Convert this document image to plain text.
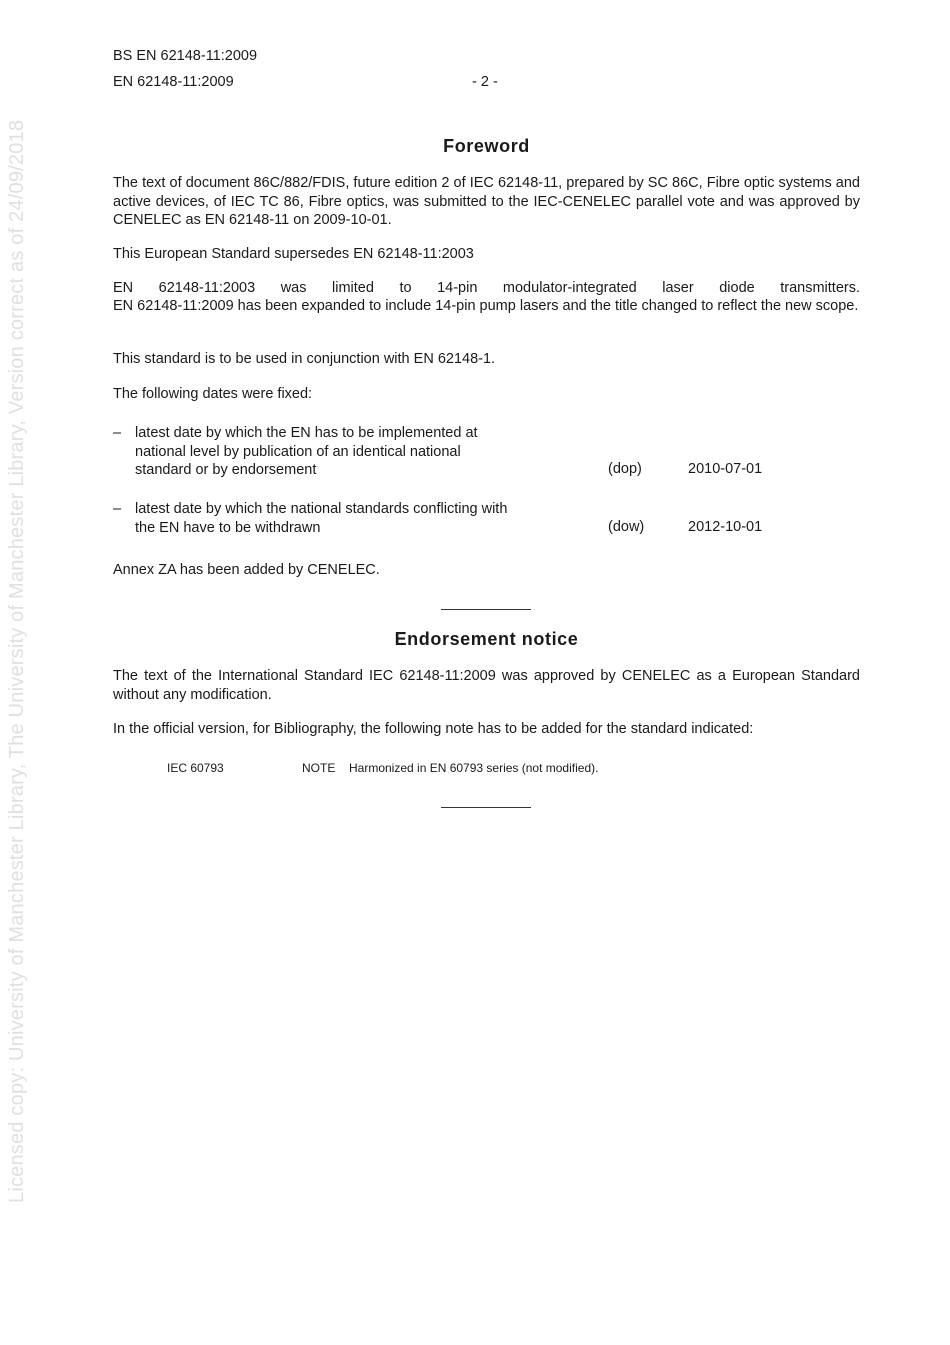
Licensed copy: University of Manchester Library, The University of Manchester Library, Version correct as of 24/09/2018
BS EN 62148-11:2009
EN 62148-11:2009	- 2 -
Foreword
The text of document 86C/882/FDIS, future edition 2 of IEC 62148-11, prepared by SC 86C, Fibre optic systems and active devices, of IEC TC 86, Fibre optics, was submitted to the IEC-CENELEC parallel vote and was approved by CENELEC as EN 62148-11 on 2009-10-01.
This European Standard supersedes EN 62148-11:2003
EN 62148-11:2003 was limited to 14-pin modulator-integrated laser diode transmitters.
EN 62148-11:2009 has been expanded to include 14-pin pump lasers and the title changed to reflect the new scope.
This standard is to be used in conjunction with EN 62148-1.
The following dates were fixed:
– latest date by which the EN has to be implemented at national level by publication of an identical national standard or by endorsement	(dop)	2010-07-01
– latest date by which the national standards conflicting with the EN have to be withdrawn	(dow)	2012-10-01
Annex ZA has been added by CENELEC.
Endorsement notice
The text of the International Standard IEC 62148-11:2009 was approved by CENELEC as a European Standard without any modification.
In the official version, for Bibliography, the following note has to be added for the standard indicated:
IEC 60793	NOTE Harmonized in EN 60793 series (not modified).
